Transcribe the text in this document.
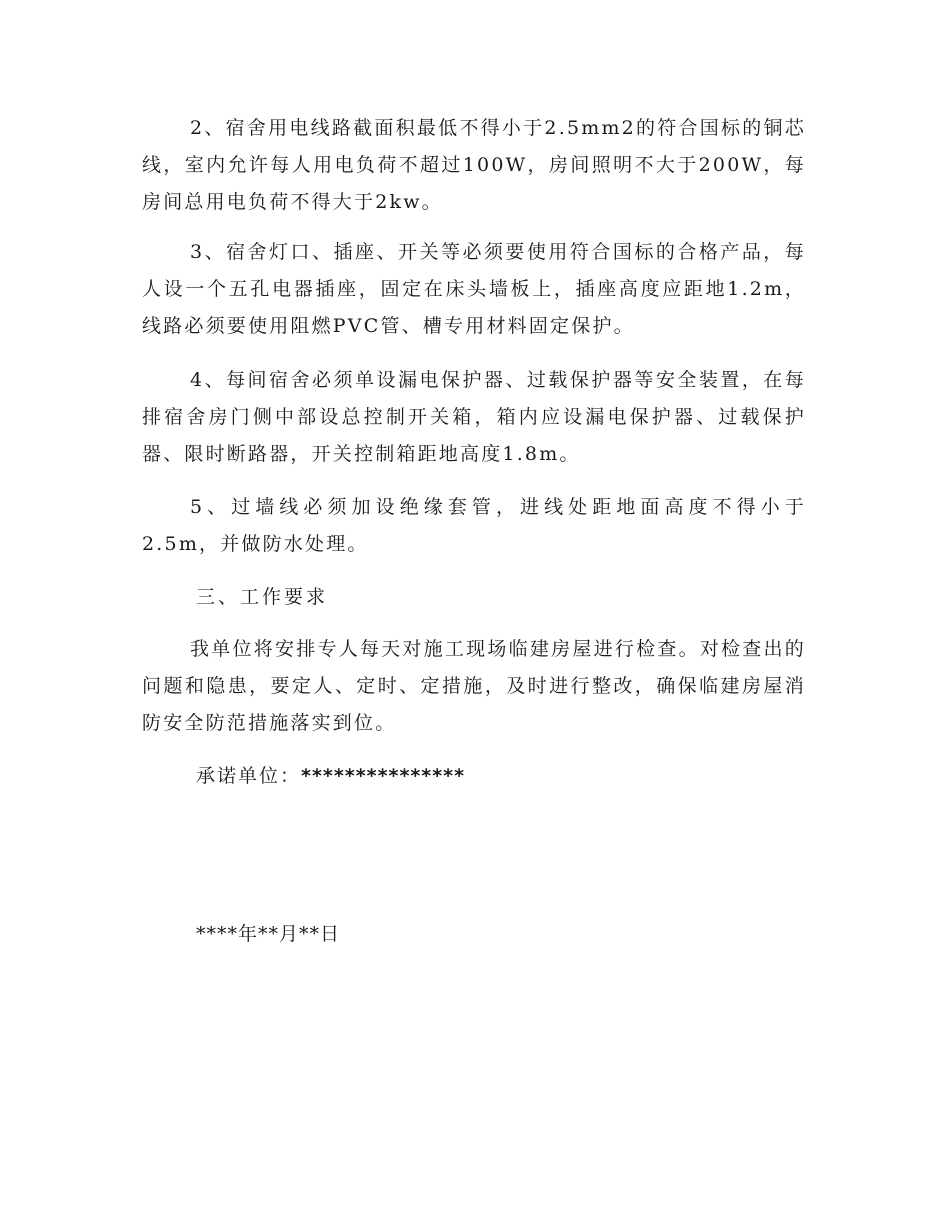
2、宿舍用电线路截面积最低不得小于2.5mm2的符合国标的铜芯线，室内允许每人用电负荷不超过100W，房间照明不大于200W，每房间总用电负荷不得大于2kw。

3、宿舍灯口、插座、开关等必须要使用符合国标的合格产品，每人设一个五孔电器插座，固定在床头墙板上，插座高度应距地1.2m，线路必须要使用阻燃PVC管、槽专用材料固定保护。

4、每间宿舍必须单设漏电保护器、过载保护器等安全装置，在每排宿舍房门侧中部设总控制开关箱，箱内应设漏电保护器、过载保护器、限时断路器，开关控制箱距地高度1.8m。

5、过墙线必须加设绝缘套管，进线处距地面高度不得小于2.5m，并做防水处理。

三、工作要求

我单位将安排专人每天对施工现场临建房屋进行检查。对检查出的问题和隐患，要定人、定时、定措施，及时进行整改，确保临建房屋消防安全防范措施落实到位。

承诺单位：***************

****年**月**日
